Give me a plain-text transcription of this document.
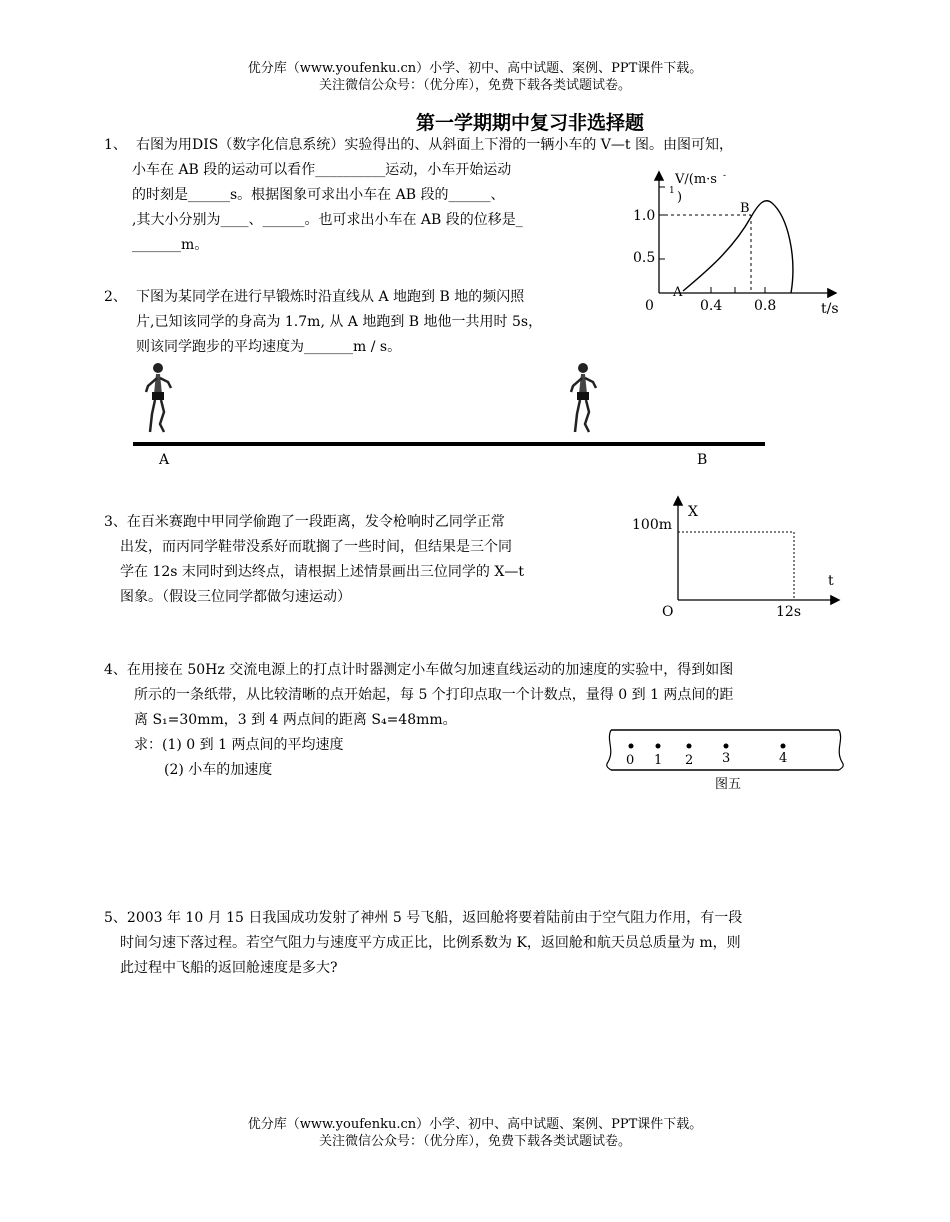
优分库（www.youfenku.cn）小学、初中、高中试题、案例、PPT课件下载。
关注微信公众号：（优分库），免费下载各类试题试卷。
第一学期期中复习非选择题
1、 右图为用DIS（数字化信息系统）实验得出的、从斜面上下滑的一辆小车的 V—t 图。由图可知，
小车在 AB 段的运动可以看作__________运动，小车开始运动
的时刻是______s。根据图象可求出小车在 AB 段的______、
,其大小分别为____、______。也可求出小车在 AB 段的位移是_
_______m。
V/(m·s -
1 )
1.0
0.5
0	0.4 0.8	t/s
A
B
2、 下图为某同学在进行早锻炼时沿直线从 A 地跑到 B 地的频闪照
片,已知该同学的身高为 1.7m, 从 A 地跑到 B 地他一共用时 5s，
则该同学跑步的平均速度为_______m / s。
A	B
3、在百米赛跑中甲同学偷跑了一段距离，发令枪响时乙同学正常
出发，而丙同学鞋带没系好而耽搁了一些时间，但结果是三个同
学在 12s 末同时到达终点，请根据上述情景画出三位同学的 X—t
图象。（假设三位同学都做匀速运动）
X
100m
t
O	12s
4、在用接在 50Hz 交流电源上的打点计时器测定小车做匀加速直线运动的加速度的实验中，得到如图
所示的一条纸带，从比较清晰的点开始起，每 5 个打印点取一个计数点，量得 0 到 1 两点间的距
离 S₁=30mm，3 到 4 两点间的距离 S₄=48mm。
求：(1) 0 到 1 两点间的平均速度
(2) 小车的加速度
0 1 2 3	4
图五
5、2003 年 10 月 15 日我国成功发射了神州 5 号飞船，返回舱将要着陆前由于空气阻力作用，有一段
时间匀速下落过程。若空气阻力与速度平方成正比，比例系数为 K，返回舱和航天员总质量为 m，则
此过程中飞船的返回舱速度是多大?
优分库（www.youfenku.cn）小学、初中、高中试题、案例、PPT课件下载。
关注微信公众号：（优分库），免费下载各类试题试卷。
